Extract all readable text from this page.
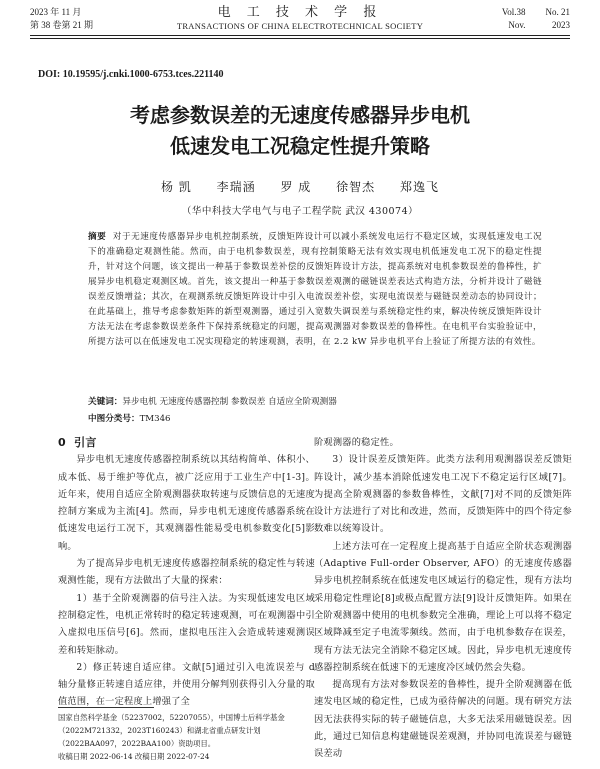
2023 年 11 月
第 38 卷第 21 期
电 工 技 术 学 报
TRANSACTIONS OF CHINA ELECTROTECHNICAL SOCIETY
Vol.38 No. 21
Nov.	2023
DOI: 10.19595/j.cnki.1000-6753.tces.221140
考虑参数误差的无速度传感器异步电机
低速发电工况稳定性提升策略
杨 凯 李瑞涵 罗 成 徐智杰 郑逸飞
（华中科技大学电气与电子工程学院 武汉 430074）
摘要 对于无速度传感器异步电机控制系统，反馈矩阵设计可以减小系统发电运行不稳定区域，实现低速发电工况下的准确稳定观测性能。然而，由于电机参数误差，现有控制策略无法有效实现电机低速发电工况下的稳定性提升，针对这个问题，该文提出一种基于参数误差补偿的反馈矩阵设计方法，提高系统对电机参数误差的鲁棒性，扩展异步电机稳定观测区域。首先，该文提出一种基于参数误差观测的磁链误差表达式构造方法，分析并设计了磁链误差反馈增益；其次，在观测系统反馈矩阵设计中引入电流误差补偿，实现电流误差与磁链误差动态的协同设计；在此基础上，推导考虑参数矩阵的新型观测器，通过引入宽数失调误差与系统稳定性约束，解决传统反馈矩阵设计方法无法在考虑参数误差条件下保持系统稳定的问题，提高观测器对参数误差的鲁棒性。在电机平台实验验证中，所提方法可以在低速发电工况实现稳定的转速观测，表明，在 2.2 kW 异步电机平台上验证了所提方法的有效性。
关键词：异步电机 无速度传感器控制 参数误差 自适应全阶观测器
中图分类号：TM346

0 引言

异步电机无速度传感器控制系统以其结构简单、体积小、成本低、易于维护等优点，被广泛应用于工业生产中[1-3]。近年来，使用自适应全阶观测器获取转速与反馈信息的无速度控制方案成为主流[4]。然而，异步电机无速度传感器系统在低速发电运行工况下，其观测器性能易受电机参数变化[5]影响。

为了提高异步电机无速度传感器控制系统的稳定性与转速观测性能，现有方法做出了大量的探索：

1）基于全阶观测器的信号注入法。为实现低速发电区域控制稳定性，电机正常转时的稳定转速观测，可在观测器中引入虚拟电压信号[6]。然而，虚拟电压注入会造成转速观测误差和转矩脉动。

2）修正转速自适应律。文献[5]通过引入电流误差与 d 轴分量修正转速自适应律，并使用分解判别获得引入分量的取值范围，在一定程度上增强了全

阶观测器的稳定性。

3）设计误差反馈矩阵。此类方法利用观测器误差反馈矩阵设计，减少基本消除低速发电工况下不稳定运行区域[7]。为提高全阶观测器的参数鲁棒性，文献[7]对不同的反馈矩阵设计方法进行了对比和改进，然而，反馈矩阵中的四个待定参数难以统筹设计。

上述方法可在一定程度上提高基于自适应全阶状态观测器（Adaptive Full-order Observer, AFO）的无速度传感器异步电机控制系统在低速发电区域运行的稳定性，现有方法均采用稳定性理论[8]或极点配置方法[9]设计反馈矩阵。如果在全阶观测器中使用的电机参数完全准确，理论上可以将不稳定区域降减至定子电流零频线。然而，由于电机参数存在误差，现有方法无法完全消除不稳定区域。因此，异步电机无速度传感器控制系统在低速下的无速度冷区域仍然会失稳。

提高现有方法对参数误差的鲁棒性，提升全阶观测器在低速发电区域的稳定性，已成为亟待解决的问题。现有研究方法因无法获得实际的转子磁链信息，大多无法采用磁链误差。因此，通过已知信息构建磁链误差观测，并协同电流误差与磁链误差动

国家自然科学基金（52237002，52207055），中国博士后科学基金（2022M721332，2023T160243）和湖北省重点研发计划（2022BAA097，2022BAA100）资助项目。
收稿日期 2022-06-14 改稿日期 2022-07-24
